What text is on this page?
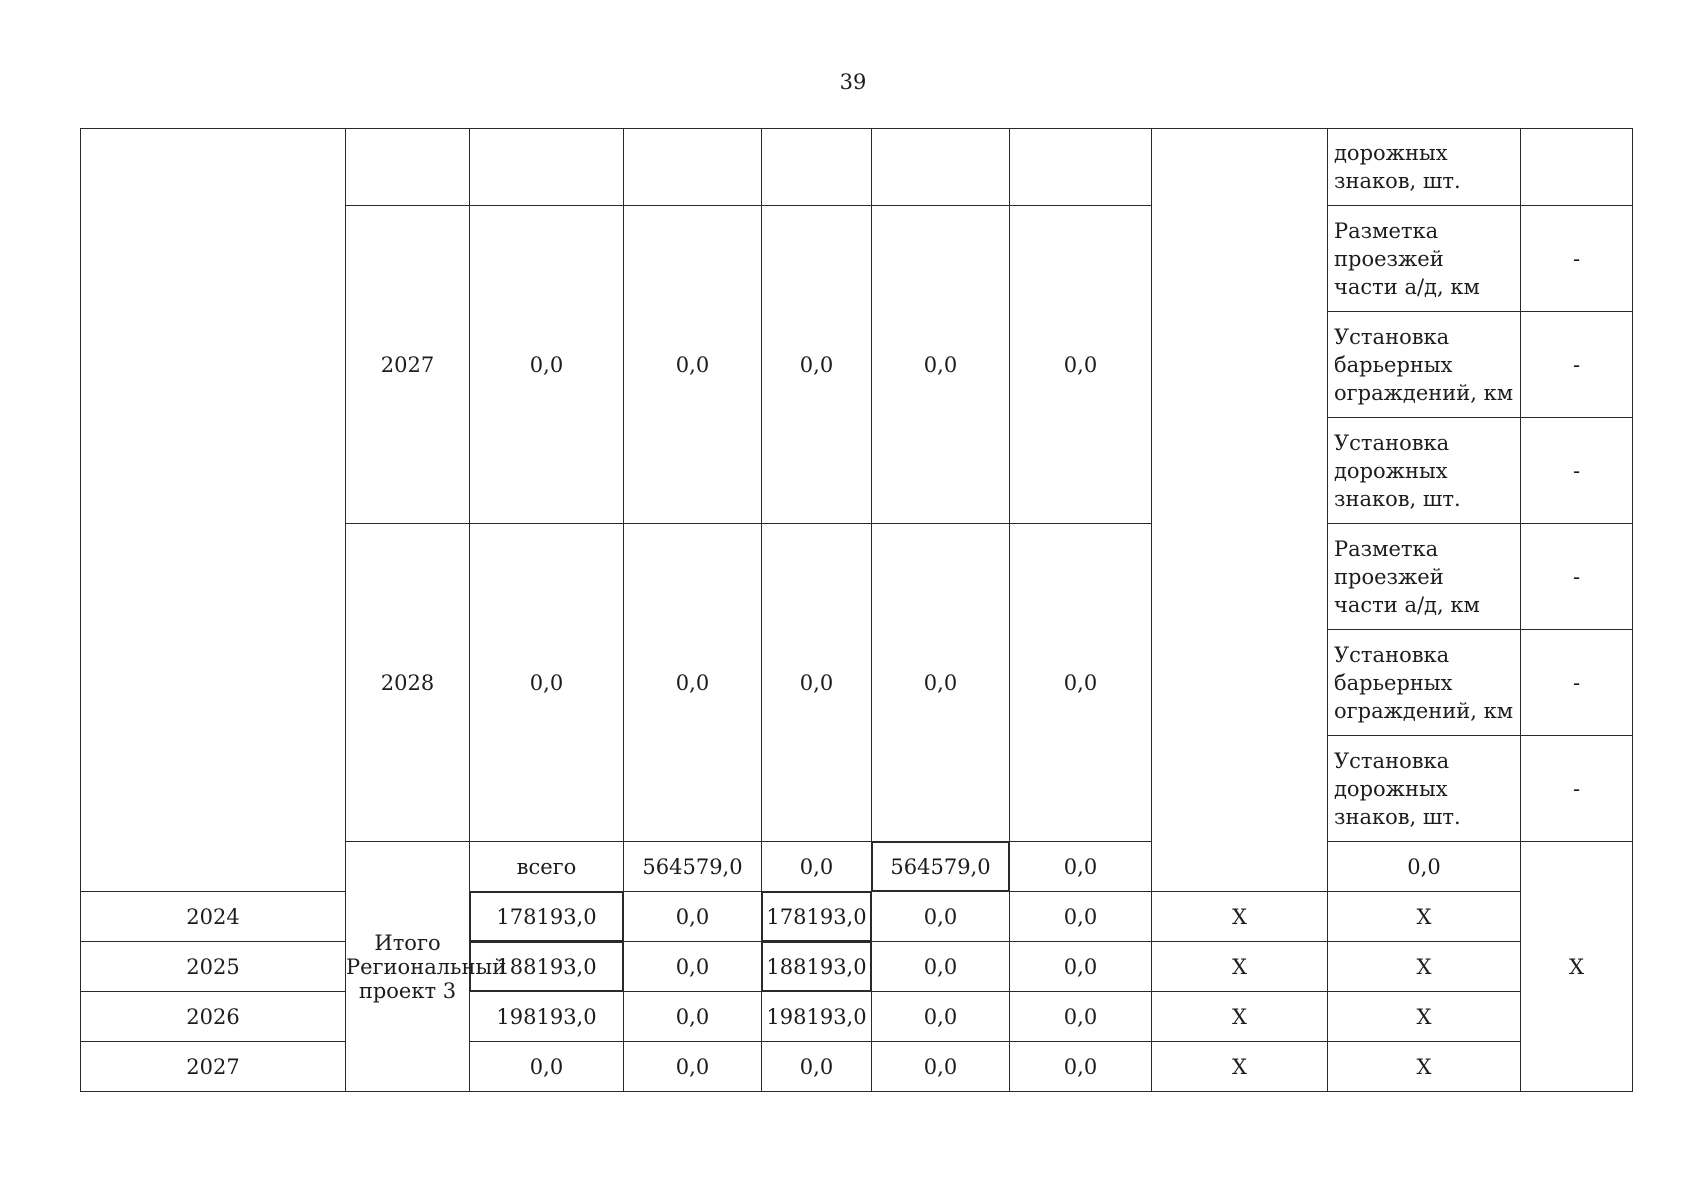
39
								дорожных знаков, шт.		
	2027	0,0	0,0	0,0	0,0	0,0		Разметка проезжей части а/д, км	-	
								Установка барьерных ограждений, км	-	
								Установка дорожных знаков, шт.	-	
	2028	0,0	0,0	0,0	0,0	0,0		Разметка проезжей части а/д, км	-	
								Установка барьерных ограждений, км	-	
								Установка дорожных знаков, шт.	-	
	Итого Региональный проект 3	всего	564579,0	0,0	564579,0	0,0		0,0	X		
2024		178193,0	0,0	178193,0	0,0	0,0	X	X		
2025		188193,0	0,0	188193,0	0,0	0,0	X	X		
2026		198193,0	0,0	198193,0	0,0	0,0	X	X		
2027		0,0	0,0	0,0	0,0	0,0	X	X		
